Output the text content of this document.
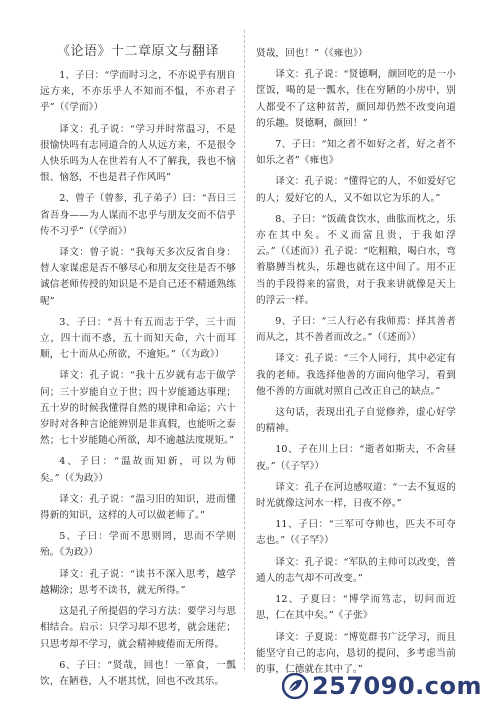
《论语》十二章原文与翻译

1、子曰：“学而时习之，不亦说乎有朋自远方来，不亦乐乎人不知而不愠，不亦君子乎”（《学而》）

译文：孔子说：“学习并时常温习，不是很愉快吗有志同道合的人从远方来，不是很令人快乐吗为人在世若有人不了解我，我也不恼恨、恼怒，不也是君子作风吗”

2、曾子（曾参，孔子弟子）曰：“吾日三省吾身——为人谋而不忠乎与朋友交而不信乎传不习乎”（《学而》）

译文：曾子说：“我每天多次反省自身：替人家谋虑是否不够尽心和朋友交往是否不够诚信老师传授的知识是不是自己还不精通熟练呢”

3、子曰：“吾十有五而志于学，三十而立，四十而不惑，五十而知天命，六十而耳顺，七十而从心所欲，不逾矩。”（《为政》）

译文：孔子说：“我十五岁就有志于做学问；三十岁能自立于世；四十岁能通达事理；五十岁的时候我懂得自然的规律和命运；六十岁时对各种言论能辨别是非真假，也能听之泰然；七十岁能随心所欲，却不逾越法度规矩。”

4、子曰：“温故而知新，可以为师矣。”（《为政》）

译文：孔子说：“温习旧的知识，进而懂得新的知识，这样的人可以做老师了。”

5、子曰：学而不思则罔，思而不学则殆。《为政》）

译文：孔子说：“读书不深入思考，越学越糊涂；思考不读书，就无所得。”

这是孔子所提倡的学习方法：要学习与思相结合。启示：只学习却不思考，就会迷茫；只思考却不学习，就会精神疲倦而无所得。

6、子曰：“贤哉，回也！一箪食，一瓢饮，在陋巷，人不堪其忧，回也不改其乐。

贤哉，回也！”（《雍也》）

译文：孔子说：“贤德啊，颜回吃的是一小筐饭，喝的是一瓢水，住在穷陋的小房中，别人都受不了这种贫苦，颜回却仍然不改变向道的乐趣。贤德啊，颜回！”

7、子曰：“知之者不如好之者，好之者不如乐之者”《雍也》

译文：孔子说：“懂得它的人，不如爱好它的人；爱好它的人，又不如以它为乐的人。”

8、子曰：“饭疏食饮水，曲肱而枕之，乐亦在其中矣。不义而富且贵，于我如浮云。”（《述而》）孔子说：“吃粗粮，喝白水，弯着胳膊当枕头，乐趣也就在这中间了。用不正当的手段得来的富贵，对于我来讲就像是天上的浮云一样。

9、子曰：“三人行必有我师焉：择其善者而从之，其不善者而改之。”（《述而》）

译文：孔子说：“三个人同行，其中必定有我的老师。我选择他善的方面向他学习，看到他不善的方面就对照自己改正自己的缺点。”

这句话，表现出孔子自觉修养，虚心好学的精神。

10、子在川上曰：“逝者如斯夫，不舍昼夜。”（《子罕》）

译文：孔子在河边感叹道：“一去不复返的时光就像这河水一样，日夜不停。”

11、子曰：“三军可夺帅也，匹夫不可夺志也。”（《子罕》）

译文：孔子说：“军队的主帅可以改变，普通人的志气却不可改变。”

12、子夏曰：“博学而笃志，切问而近思，仁在其中矣。”《子张》

译文：子夏说：“博览群书广泛学习，而且能坚守自己的志向，恳切的提问，多考虑当前的事，仁德就在其中了。”

257090.com
